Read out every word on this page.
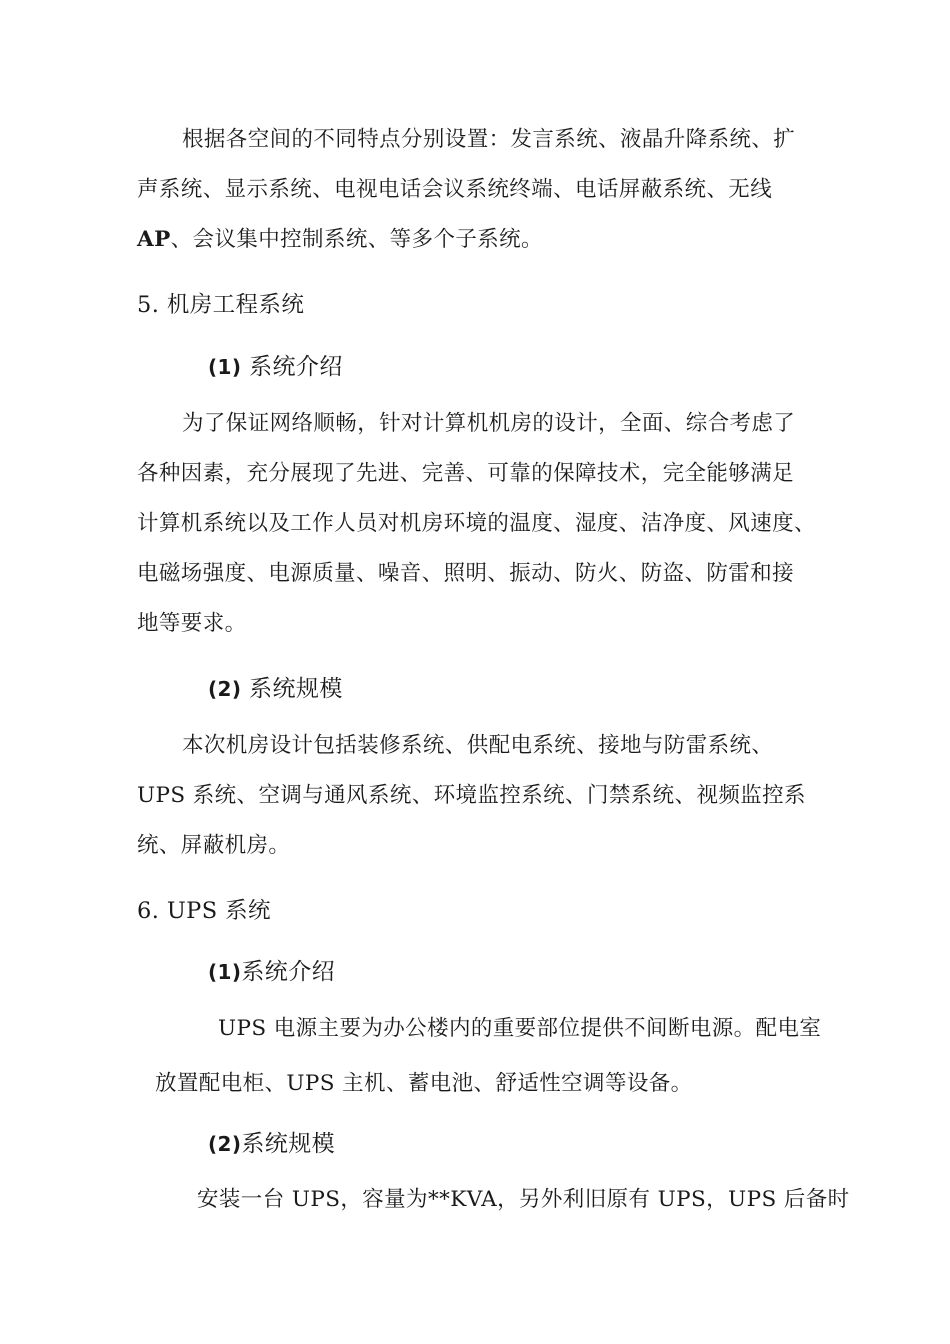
根据各空间的不同特点分别设置：发言系统、液晶升降系统、扩
声系统、显示系统、电视电话会议系统终端、电话屏蔽系统、无线
AP、会议集中控制系统、等多个子系统。
5. 机房工程系统
(1) 系统介绍
为了保证网络顺畅，针对计算机机房的设计，全面、综合考虑了
各种因素，充分展现了先进、完善、可靠的保障技术，完全能够满足
计算机系统以及工作人员对机房环境的温度、湿度、洁净度、风速度、
电磁场强度、电源质量、噪音、照明、振动、防火、防盗、防雷和接
地等要求。
(2) 系统规模
本次机房设计包括装修系统、供配电系统、接地与防雷系统、
UPS 系统、空调与通风系统、环境监控系统、门禁系统、视频监控系
统、屏蔽机房。
6. UPS 系统
(1)系统介绍
UPS 电源主要为办公楼内的重要部位提供不间断电源。配电室
放置配电柜、UPS 主机、蓄电池、舒适性空调等设备。
(2)系统规模
安装一台 UPS，容量为**KVA，另外利旧原有 UPS，UPS 后备时
